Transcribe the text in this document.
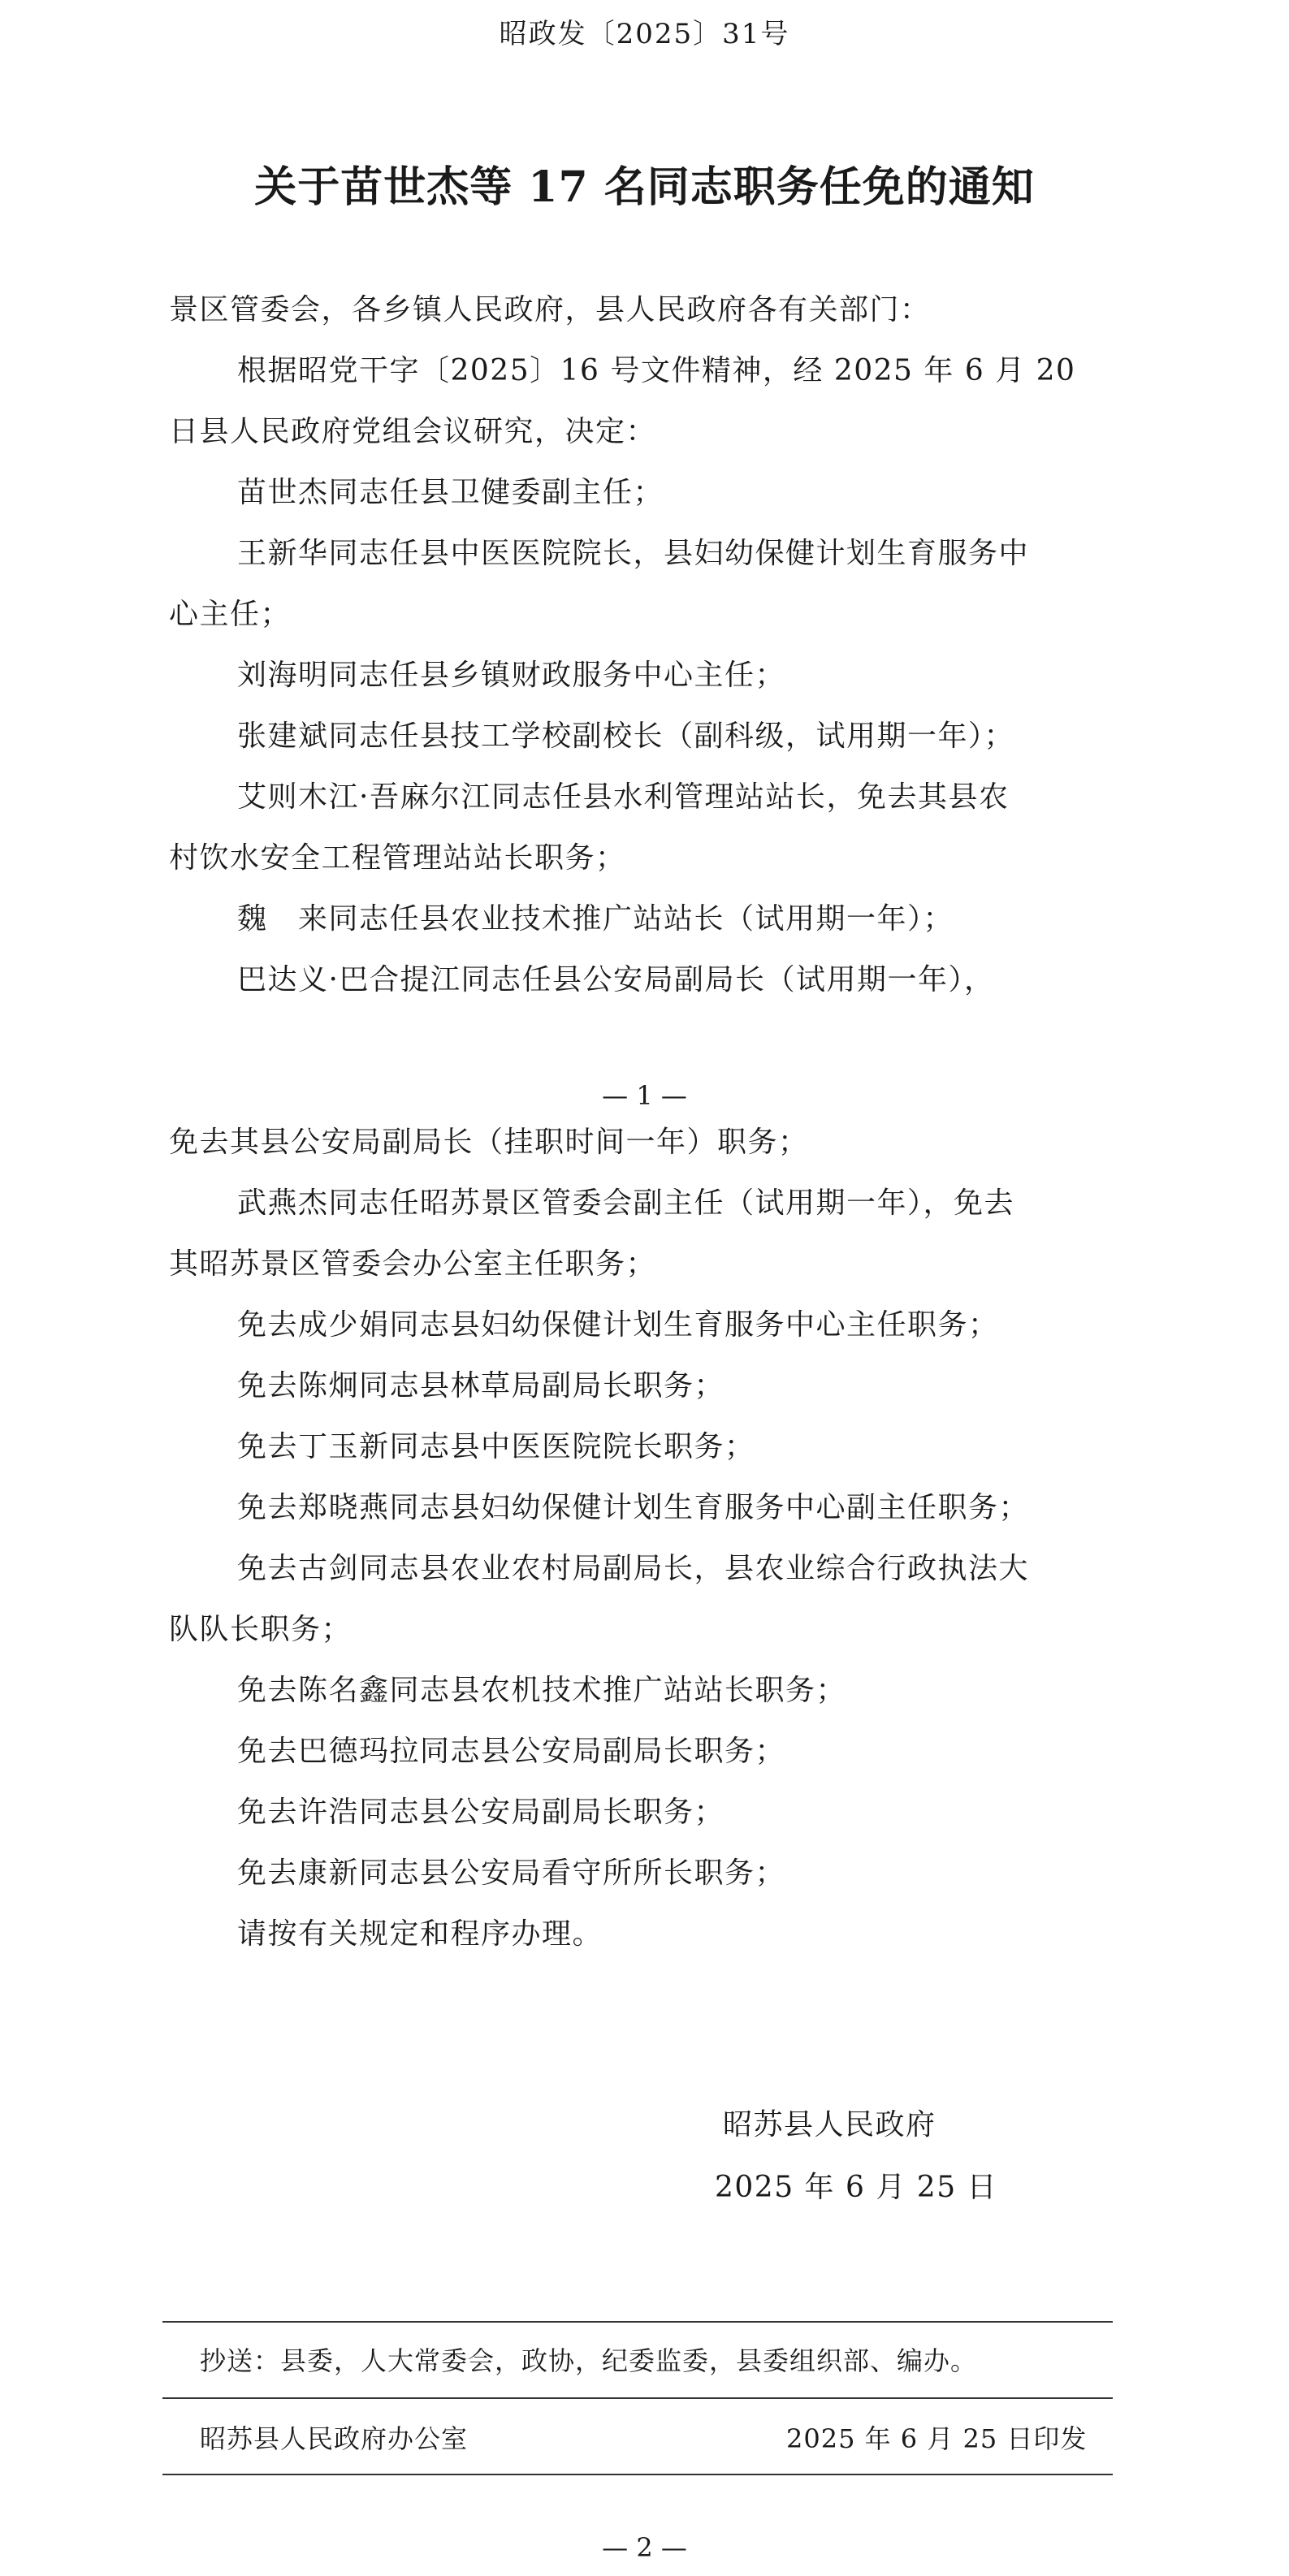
昭政发〔2025〕31号
关于苗世杰等 17 名同志职务任免的通知
景区管委会，各乡镇人民政府，县人民政府各有关部门：
根据昭党干字〔2025〕16 号文件精神，经 2025 年 6 月 20
日县人民政府党组会议研究，决定：
苗世杰同志任县卫健委副主任；
王新华同志任县中医医院院长，县妇幼保健计划生育服务中
心主任；
刘海明同志任县乡镇财政服务中心主任；
张建斌同志任县技工学校副校长（副科级，试用期一年）；
艾则木江·吾麻尔江同志任县水利管理站站长，免去其县农
村饮水安全工程管理站站长职务；
魏　来同志任县农业技术推广站站长（试用期一年）；
巴达义·巴合提江同志任县公安局副局长（试用期一年），
— 1 —
免去其县公安局副局长（挂职时间一年）职务；
武燕杰同志任昭苏景区管委会副主任（试用期一年），免去
其昭苏景区管委会办公室主任职务；
免去成少娟同志县妇幼保健计划生育服务中心主任职务；
免去陈炯同志县林草局副局长职务；
免去丁玉新同志县中医医院院长职务；
免去郑晓燕同志县妇幼保健计划生育服务中心副主任职务；
免去古剑同志县农业农村局副局长，县农业综合行政执法大
队队长职务；
免去陈名鑫同志县农机技术推广站站长职务；
免去巴德玛拉同志县公安局副局长职务；
免去许浩同志县公安局副局长职务；
免去康新同志县公安局看守所所长职务；
请按有关规定和程序办理。
昭苏县人民政府
2025 年 6 月 25 日
抄送：县委，人大常委会，政协，纪委监委，县委组织部、编办。
昭苏县人民政府办公室	2025 年 6 月 25 日印发
— 2 —
